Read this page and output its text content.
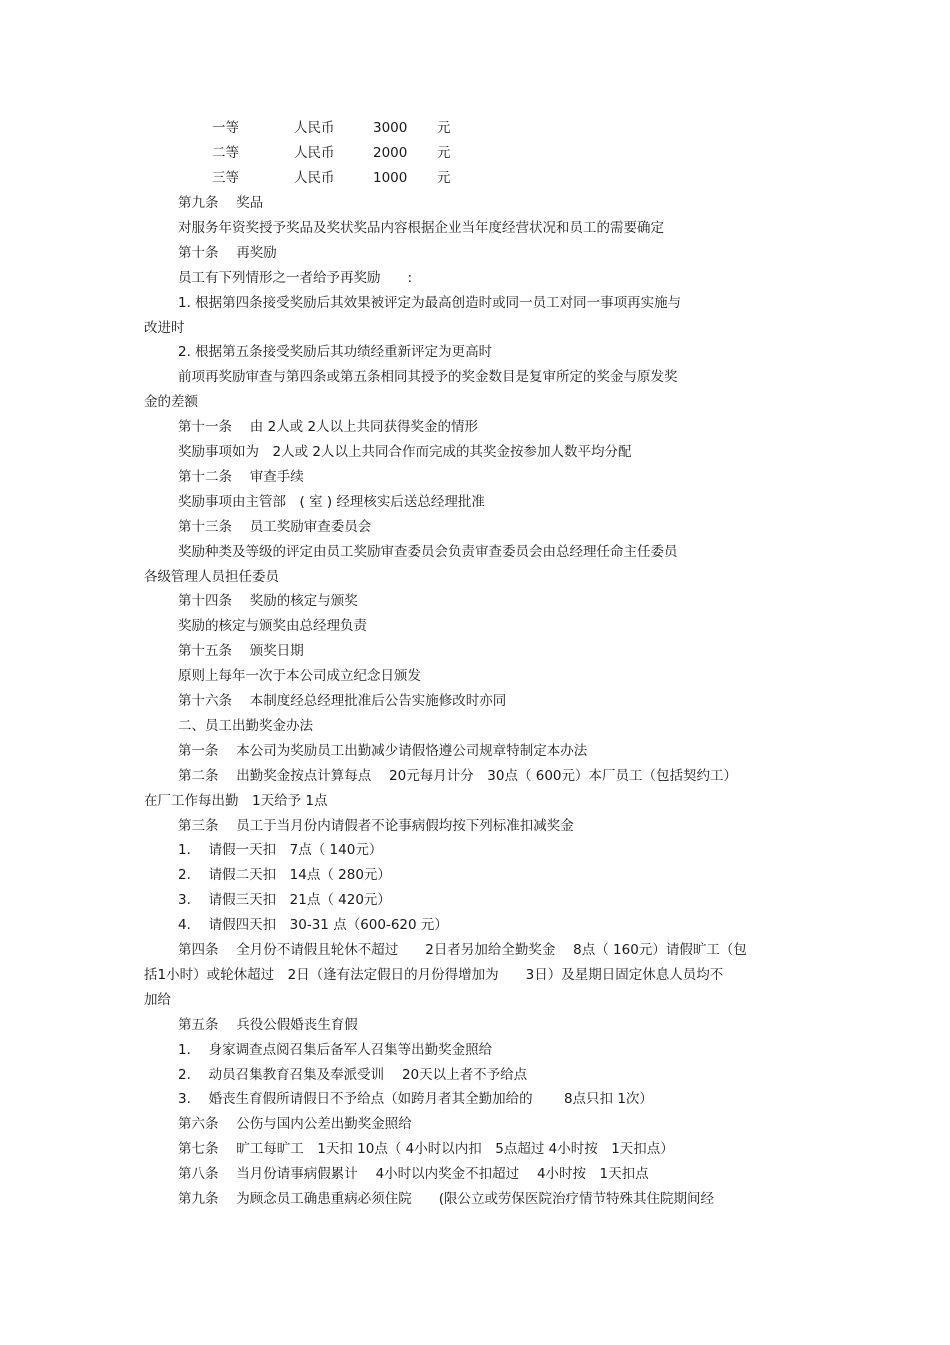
一等	人民币	3000 元
二等	人民币	2000 元
三等	人民币	1000 元
第九条　 奖品
对服务年资奖授予奖品及奖状奖品内容根据企业当年度经营状况和员工的需要确定
第十条　 再奖励
员工有下列情形之一者给予再奖励　　:
1. 根据第四条接受奖励后其效果被评定为最高创造时或同一员工对同一事项再实施与
改进时
2. 根据第五条接受奖励后其功绩经重新评定为更高时
前项再奖励审查与第四条或第五条相同其授予的奖金数目是复审所定的奖金与原发奖
金的差额
第十一条　 由 2人或 2人以上共同获得奖金的情形
奖励事项如为　2人或 2人以上共同合作而完成的其奖金按参加人数平均分配
第十二条　 审查手续
奖励事项由主管部　( 室 ) 经理核实后送总经理批准
第十三条　 员工奖励审查委员会
奖励种类及等级的评定由员工奖励审查委员会负责审查委员会由总经理任命主任委员
各级管理人员担任委员
第十四条　 奖励的核定与颁奖
奖励的核定与颁奖由总经理负责
第十五条　 颁奖日期
原则上每年一次于本公司成立纪念日颁发
第十六条　 本制度经总经理批准后公告实施修改时亦同
二、员工出勤奖金办法
第一条　 本公司为奖励员工出勤减少请假恪遵公司规章特制定本办法
第二条　 出勤奖金按点计算每点　 20元每月计分　30点（ 600元）本厂员工（包括契约工）
在厂工作每出勤　1天给予 1点
第三条　 员工于当月份内请假者不论事病假均按下列标准扣减奖金
1.　 请假一天扣　7点（ 140元）
2.　 请假二天扣　14点（ 280元）
3.　 请假三天扣　21点（ 420元）
4.　 请假四天扣　30-31 点（600-620 元）
第四条　 全月份不请假且轮休不超过　　2日者另加给全勤奖金　 8点（ 160元）请假旷工（包
括1小时）或轮休超过　2日（逢有法定假日的月份得增加为　　3日）及星期日固定休息人员均不
加给
第五条　 兵役公假婚丧生育假
1.　 身家调查点阅召集后备军人召集等出勤奖金照给
2.　 动员召集教育召集及奉派受训　 20天以上者不予给点
3.　 婚丧生育假所请假日不予给点（如跨月者其全勤加给的　　 8点只扣 1次）
第六条　 公伤与国内公差出勤奖金照给
第七条　 旷工每旷工　1天扣 10点（ 4小时以内扣　5点超过 4小时按　1天扣点）
第八条　 当月份请事病假累计　 4小时以内奖金不扣超过　 4小时按　1天扣点
第九条　 为顾念员工确患重病必须住院　　(限公立或劳保医院治疗情节特殊其住院期间经
